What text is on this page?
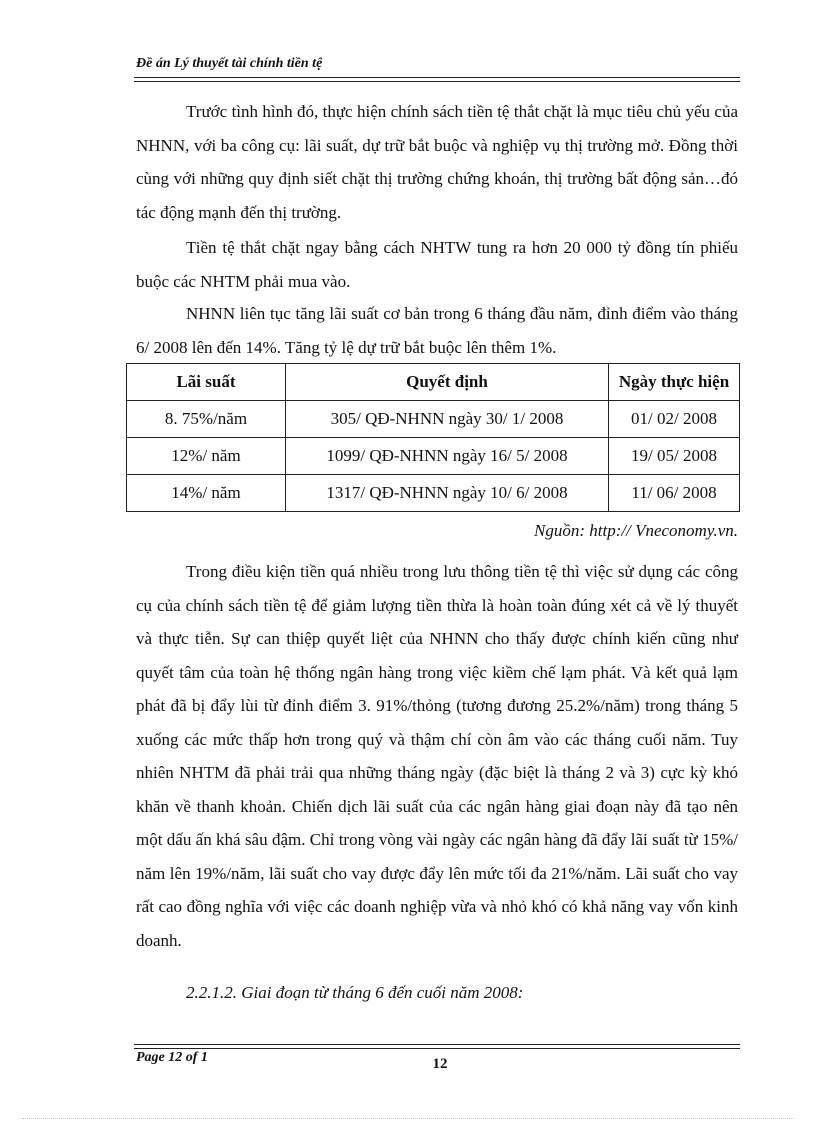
Đề án Lý thuyết tài chính tiền tệ

Trước tình hình đó, thực hiện chính sách tiền tệ thắt chặt là mục tiêu chủ yếu của NHNN, với ba công cụ: lãi suất, dự trữ bắt buộc và nghiệp vụ thị trường mở. Đồng thời cùng với những quy định siết chặt thị trường chứng khoán, thị trường bất động sản…đó tác động mạnh đến thị trường.

Tiền tệ thắt chặt ngay bằng cách NHTW tung ra hơn 20 000 tỷ đồng tín phiếu buộc các NHTM phải mua vào.

NHNN liên tục tăng lãi suất cơ bản trong 6 tháng đầu năm, đỉnh điểm vào tháng 6/ 2008 lên đến 14%. Tăng tỷ lệ dự trữ bắt buộc lên thêm 1%.

Lãi suất	Quyết định	Ngày thực hiện
8. 75%/năm	305/ QĐ-NHNN ngày 30/ 1/ 2008	01/ 02/ 2008
12%/ năm	1099/ QĐ-NHNN ngày 16/ 5/ 2008	19/ 05/ 2008
14%/ năm	1317/ QĐ-NHNN ngày 10/ 6/ 2008	11/ 06/ 2008
Nguồn: http:// Vneconomy.vn.

Trong điều kiện tiền quá nhiều trong lưu thông tiền tệ thì việc sử dụng các công cụ của chính sách tiền tệ để giảm lượng tiền thừa là hoàn toàn đúng xét cả về lý thuyết và thực tiễn. Sự can thiệp quyết liệt của NHNN cho thấy được chính kiến cũng như quyết tâm của toàn hệ thống ngân hàng trong việc kiềm chế lạm phát. Và kết quả lạm phát đã bị đẩy lùi từ đỉnh điểm 3. 91%/thỏng (tương đương 25.2%/năm) trong tháng 5 xuống các mức thấp hơn trong quý và thậm chí còn âm vào các tháng cuối năm. Tuy nhiên NHTM đã phải trải qua những tháng ngày (đặc biệt là tháng 2 và 3) cực kỳ khó khăn về thanh khoản. Chiến dịch lãi suất của các ngân hàng giai đoạn này đã tạo nên một dấu ấn khá sâu đậm. Chỉ trong vòng vài ngày các ngân hàng đã đẩy lãi suất từ 15%/ năm lên 19%/năm, lãi suất cho vay được đẩy lên mức tối đa 21%/năm. Lãi suất cho vay rất cao đồng nghĩa với việc các doanh nghiệp vừa và nhỏ khó có khả năng vay vốn kinh doanh.

2.2.1.2. Giai đoạn từ tháng 6 đến cuối năm 2008:
Page 12 of 1	12
